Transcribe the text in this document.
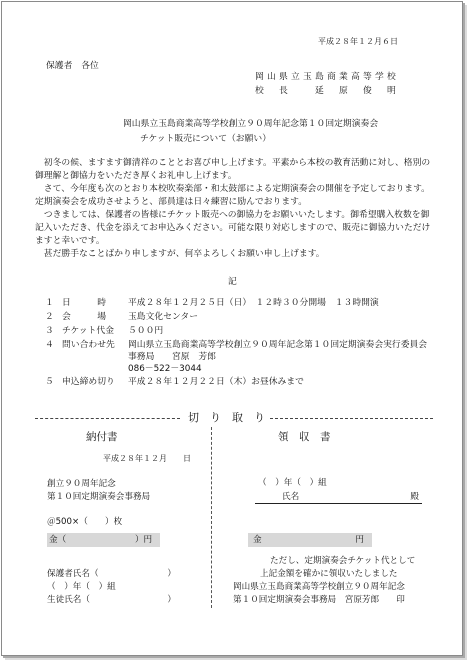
平成２８年１２月６日
保護者　各位
岡山県立玉島商業高等学校
校　長　　延　原　俊　明
岡山県立玉島商業高等学校創立９０周年記念第１０回定期演奏会
チケット販売について（お願い）

　初冬の候、ますます御清祥のこととお喜び申し上げます。平素から本校の教育活動に対し、格別の御理解と御協力をいただき厚くお礼申し上げます。

　さて、今年度も次のとおり本校吹奏楽部・和太鼓部による定期演奏会の開催を予定しております。定期演奏会を成功させようと、部員達は日々練習に励んでおります。

　つきましては、保護者の皆様にチケット販売への御協力をお願いいたします。御希望購入枚数を御記入いただき、代金を添えてお申込みください。可能な限り対応しますので、販売に御協力いただけますと幸いです。

　甚だ勝手なことばかり申しますが、何卒よろしくお願い申し上げます。

記
１ 日　　　時	平成２８年１２月２５日（日）　１２時３０分開場　１３時開演
２ 会　　　場	玉島文化センター
３ チケット代金 ５００円
４ 問い合わせ先 岡山県立玉島商業高等学校創立９０周年記念第１０回定期演奏会実行委員会
事務局　　宮原　芳郎
086－522－3044
５ 申込締め切り 平成２８年１２月２２日（木）お昼休みまで
切　り　取　り
納付書
平成２８年１２月　　日
創立９０周年記念
第１０回定期演奏会事務局
＠500×（　　）枚
金（　　　　　　　　）円
保護者氏名（　　　　　　　　）
（　）年（　）組
生徒氏名（　　　　　　　　　）
領　収　書
（　）年（　）組
氏名	殿
金	円
ただし、定期演奏会チケット代として
上記金額を確かに領収いたしました
岡山県立玉島商業高等学校創立９０周年記念
第１０回定期演奏会事務局　宮原芳郎　　印
